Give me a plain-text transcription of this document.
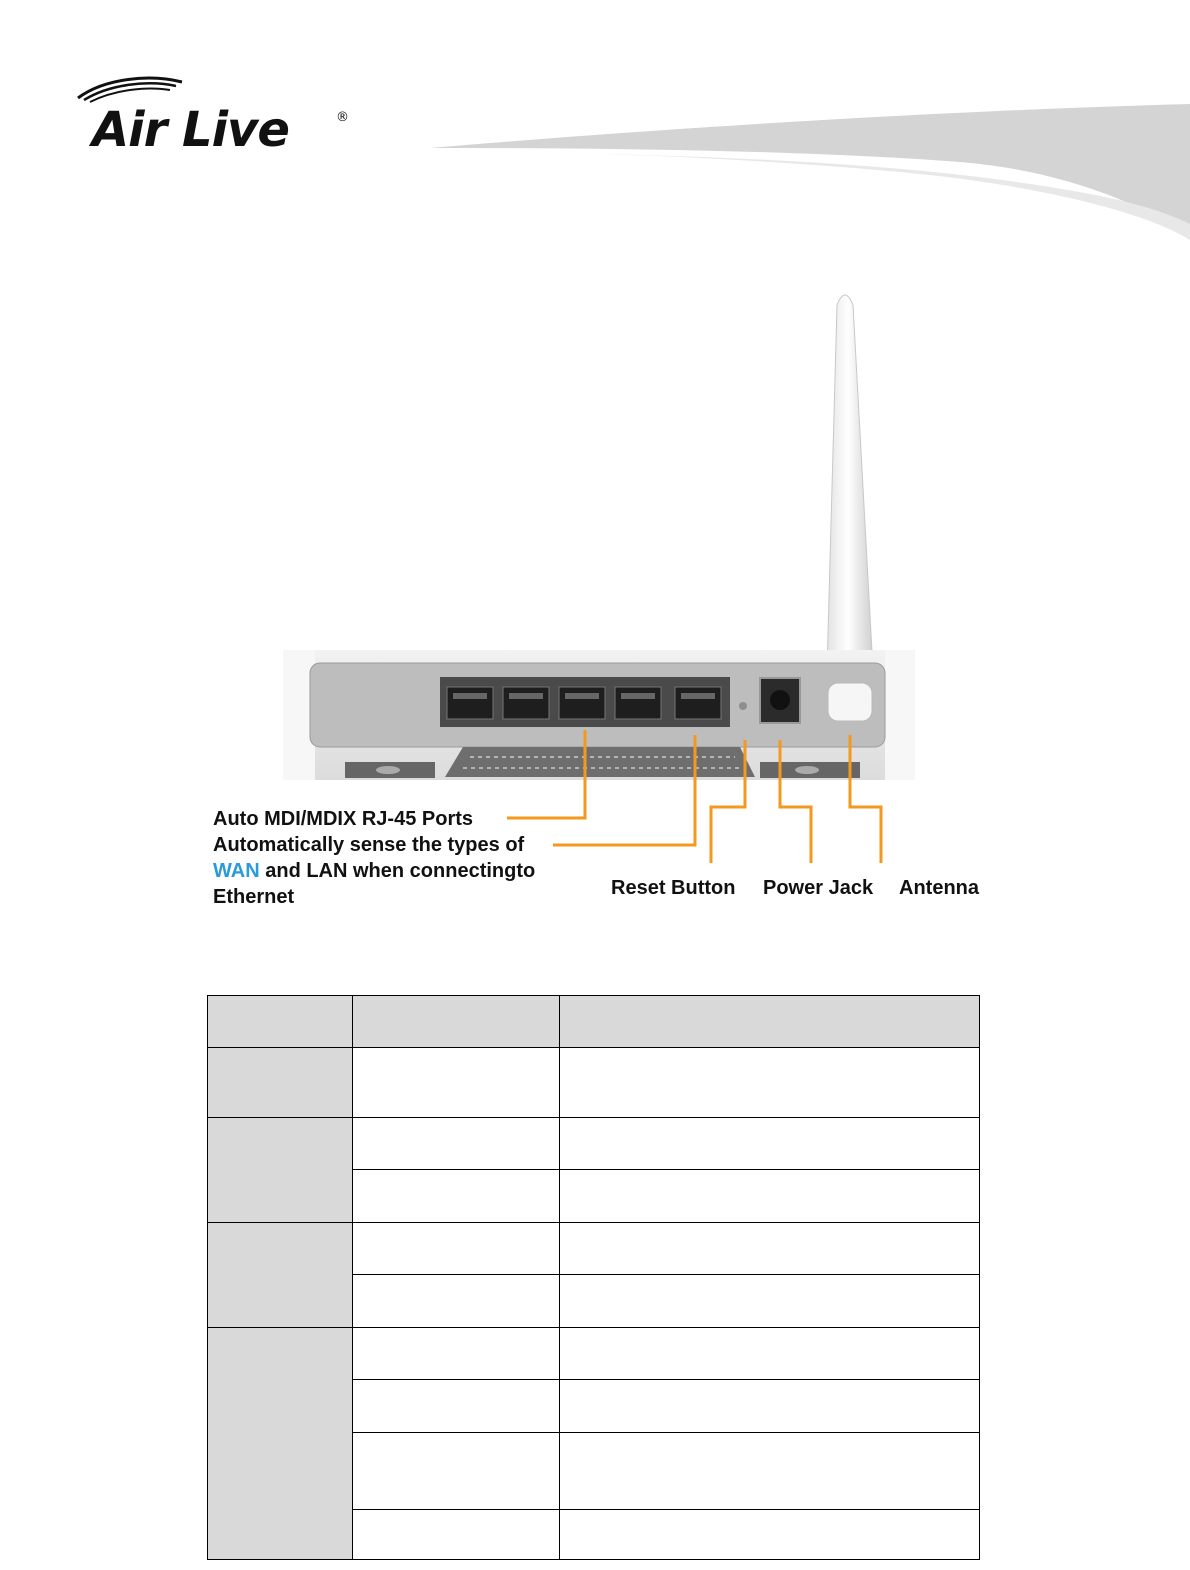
Air Live	®
Auto MDI/MDIX RJ-45 Ports
Automatically sense the types of
WAN and LAN when connectingto
Ethernet	Reset Button Power Jack Antenna
